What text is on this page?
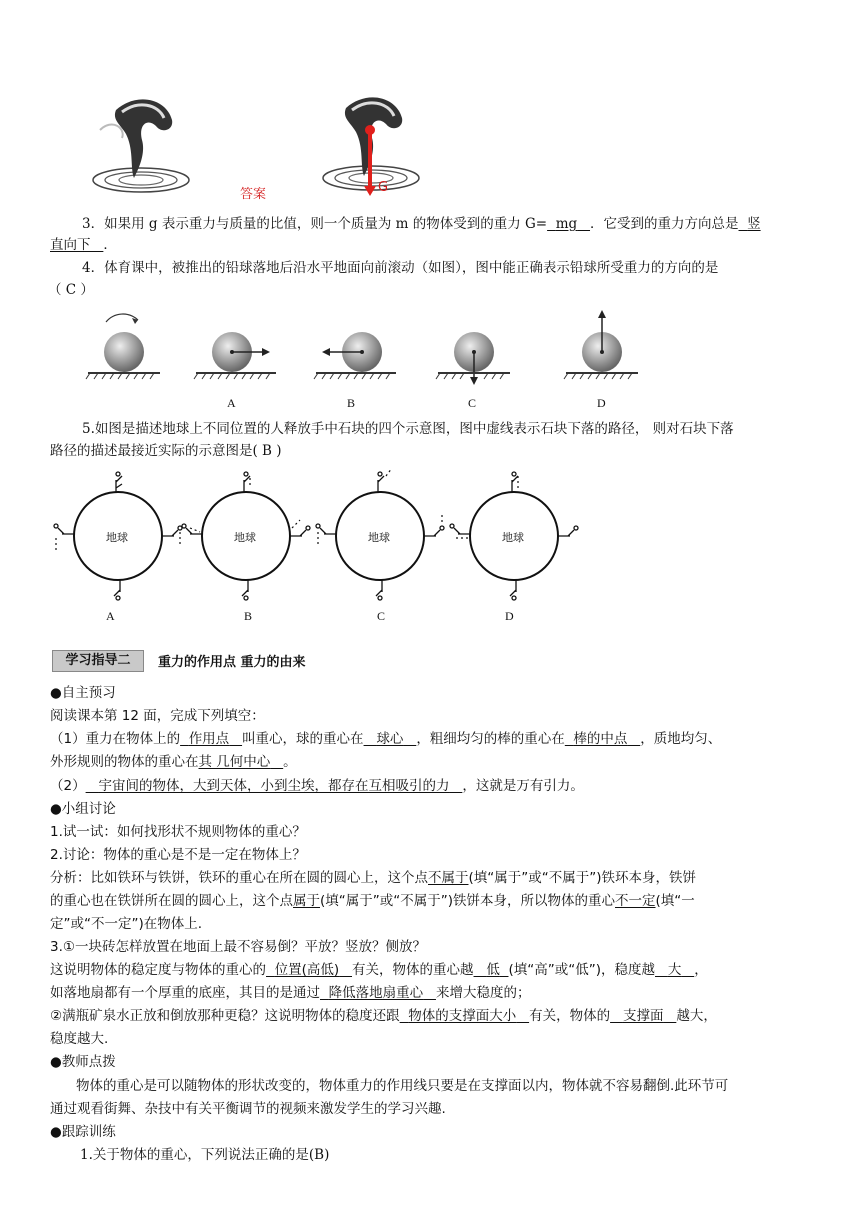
答案	G
3．如果用 g 表示重力与质量的比值，则一个质量为 m 的物体受到的重力 G= mg ．它受到的重力方向总是 竖
直向下 ．
4．体育课中，被推出的铅球落地后沿水平地面向前滚动（如图），图中能正确表示铅球所受重力的方向的是
（ C ）
A	B	C	D
5.如图是描述地球上不同位置的人释放手中石块的四个示意图，图中虚线表示石块下落的路径， 则对石块下落
路径的描述最接近实际的示意图是( B )
地球	地球	地球	地球
A	B	C	D
学习指导二	重力的作用点 重力的由来
●自主预习
阅读课本第 12 面，完成下列填空：
（1）重力在物体上的 作用点 叫重心，球的重心在 球心 ，粗细均匀的棒的重心在 棒的中点 ，质地均匀、
外形规则的物体的重心在其 几何中心 。
（2） 宇宙间的物体，大到天体，小到尘埃，都存在互相吸引的力 ，这就是万有引力。
●小组讨论
1.试一试：如何找形状不规则物体的重心？
2.讨论：物体的重心是不是一定在物体上？
分析：比如铁环与铁饼，铁环的重心在所在圆的圆心上，这个点不属于(填“属于”或“不属于”)铁环本身，铁饼
的重心也在铁饼所在圆的圆心上，这个点属于(填“属于”或“不属于”)铁饼本身，所以物体的重心不一定(填“一
定”或“不一定”)在物体上.
3.①一块砖怎样放置在地面上最不容易倒？平放？竖放？侧放？
这说明物体的稳定度与物体的重心的 位置(高低) 有关，物体的重心越 低 (填“高”或“低”)，稳度越 大 ，
如落地扇都有一个厚重的底座，其目的是通过 降低落地扇重心 来增大稳度的；
②满瓶矿泉水正放和倒放那种更稳？这说明物体的稳度还跟 物体的支撑面大小 有关，物体的 支撑面 越大，
稳度越大.
●教师点拨
物体的重心是可以随物体的形状改变的，物体重力的作用线只要是在支撑面以内，物体就不容易翻倒.此环节可
通过观看街舞、杂技中有关平衡调节的视频来激发学生的学习兴趣.
●跟踪训练
1.关于物体的重心，下列说法正确的是(B)
